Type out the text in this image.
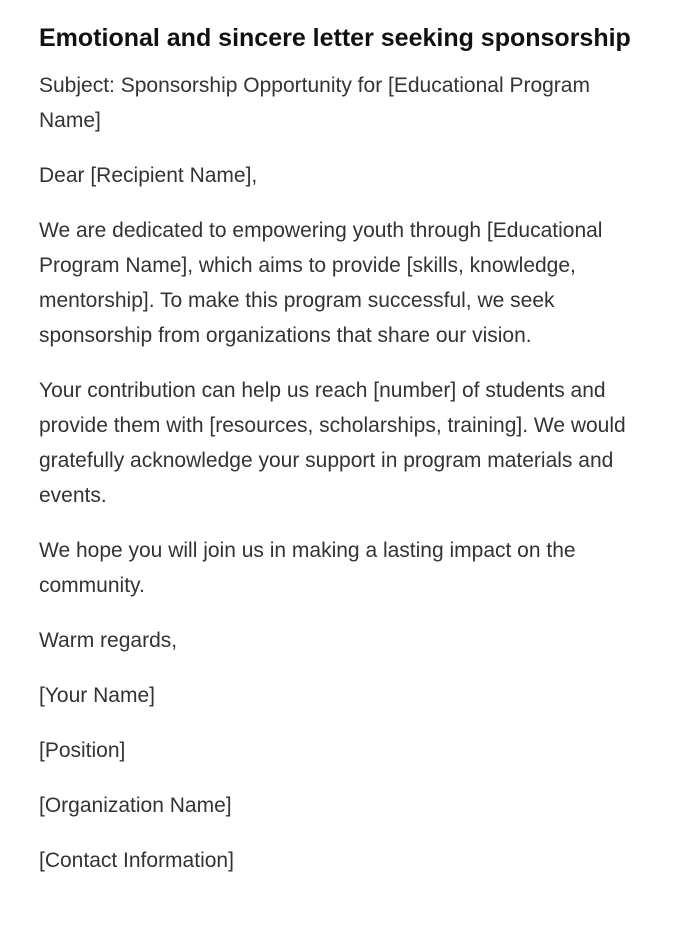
Emotional and sincere letter seeking sponsorship

Subject: Sponsorship Opportunity for [Educational Program Name]

Dear [Recipient Name],

We are dedicated to empowering youth through [Educational Program Name], which aims to provide [skills, knowledge, mentorship]. To make this program successful, we seek sponsorship from organizations that share our vision.

Your contribution can help us reach [number] of students and provide them with [resources, scholarships, training]. We would gratefully acknowledge your support in program materials and events.

We hope you will join us in making a lasting impact on the community.

Warm regards,

[Your Name]

[Position]

[Organization Name]

[Contact Information]
